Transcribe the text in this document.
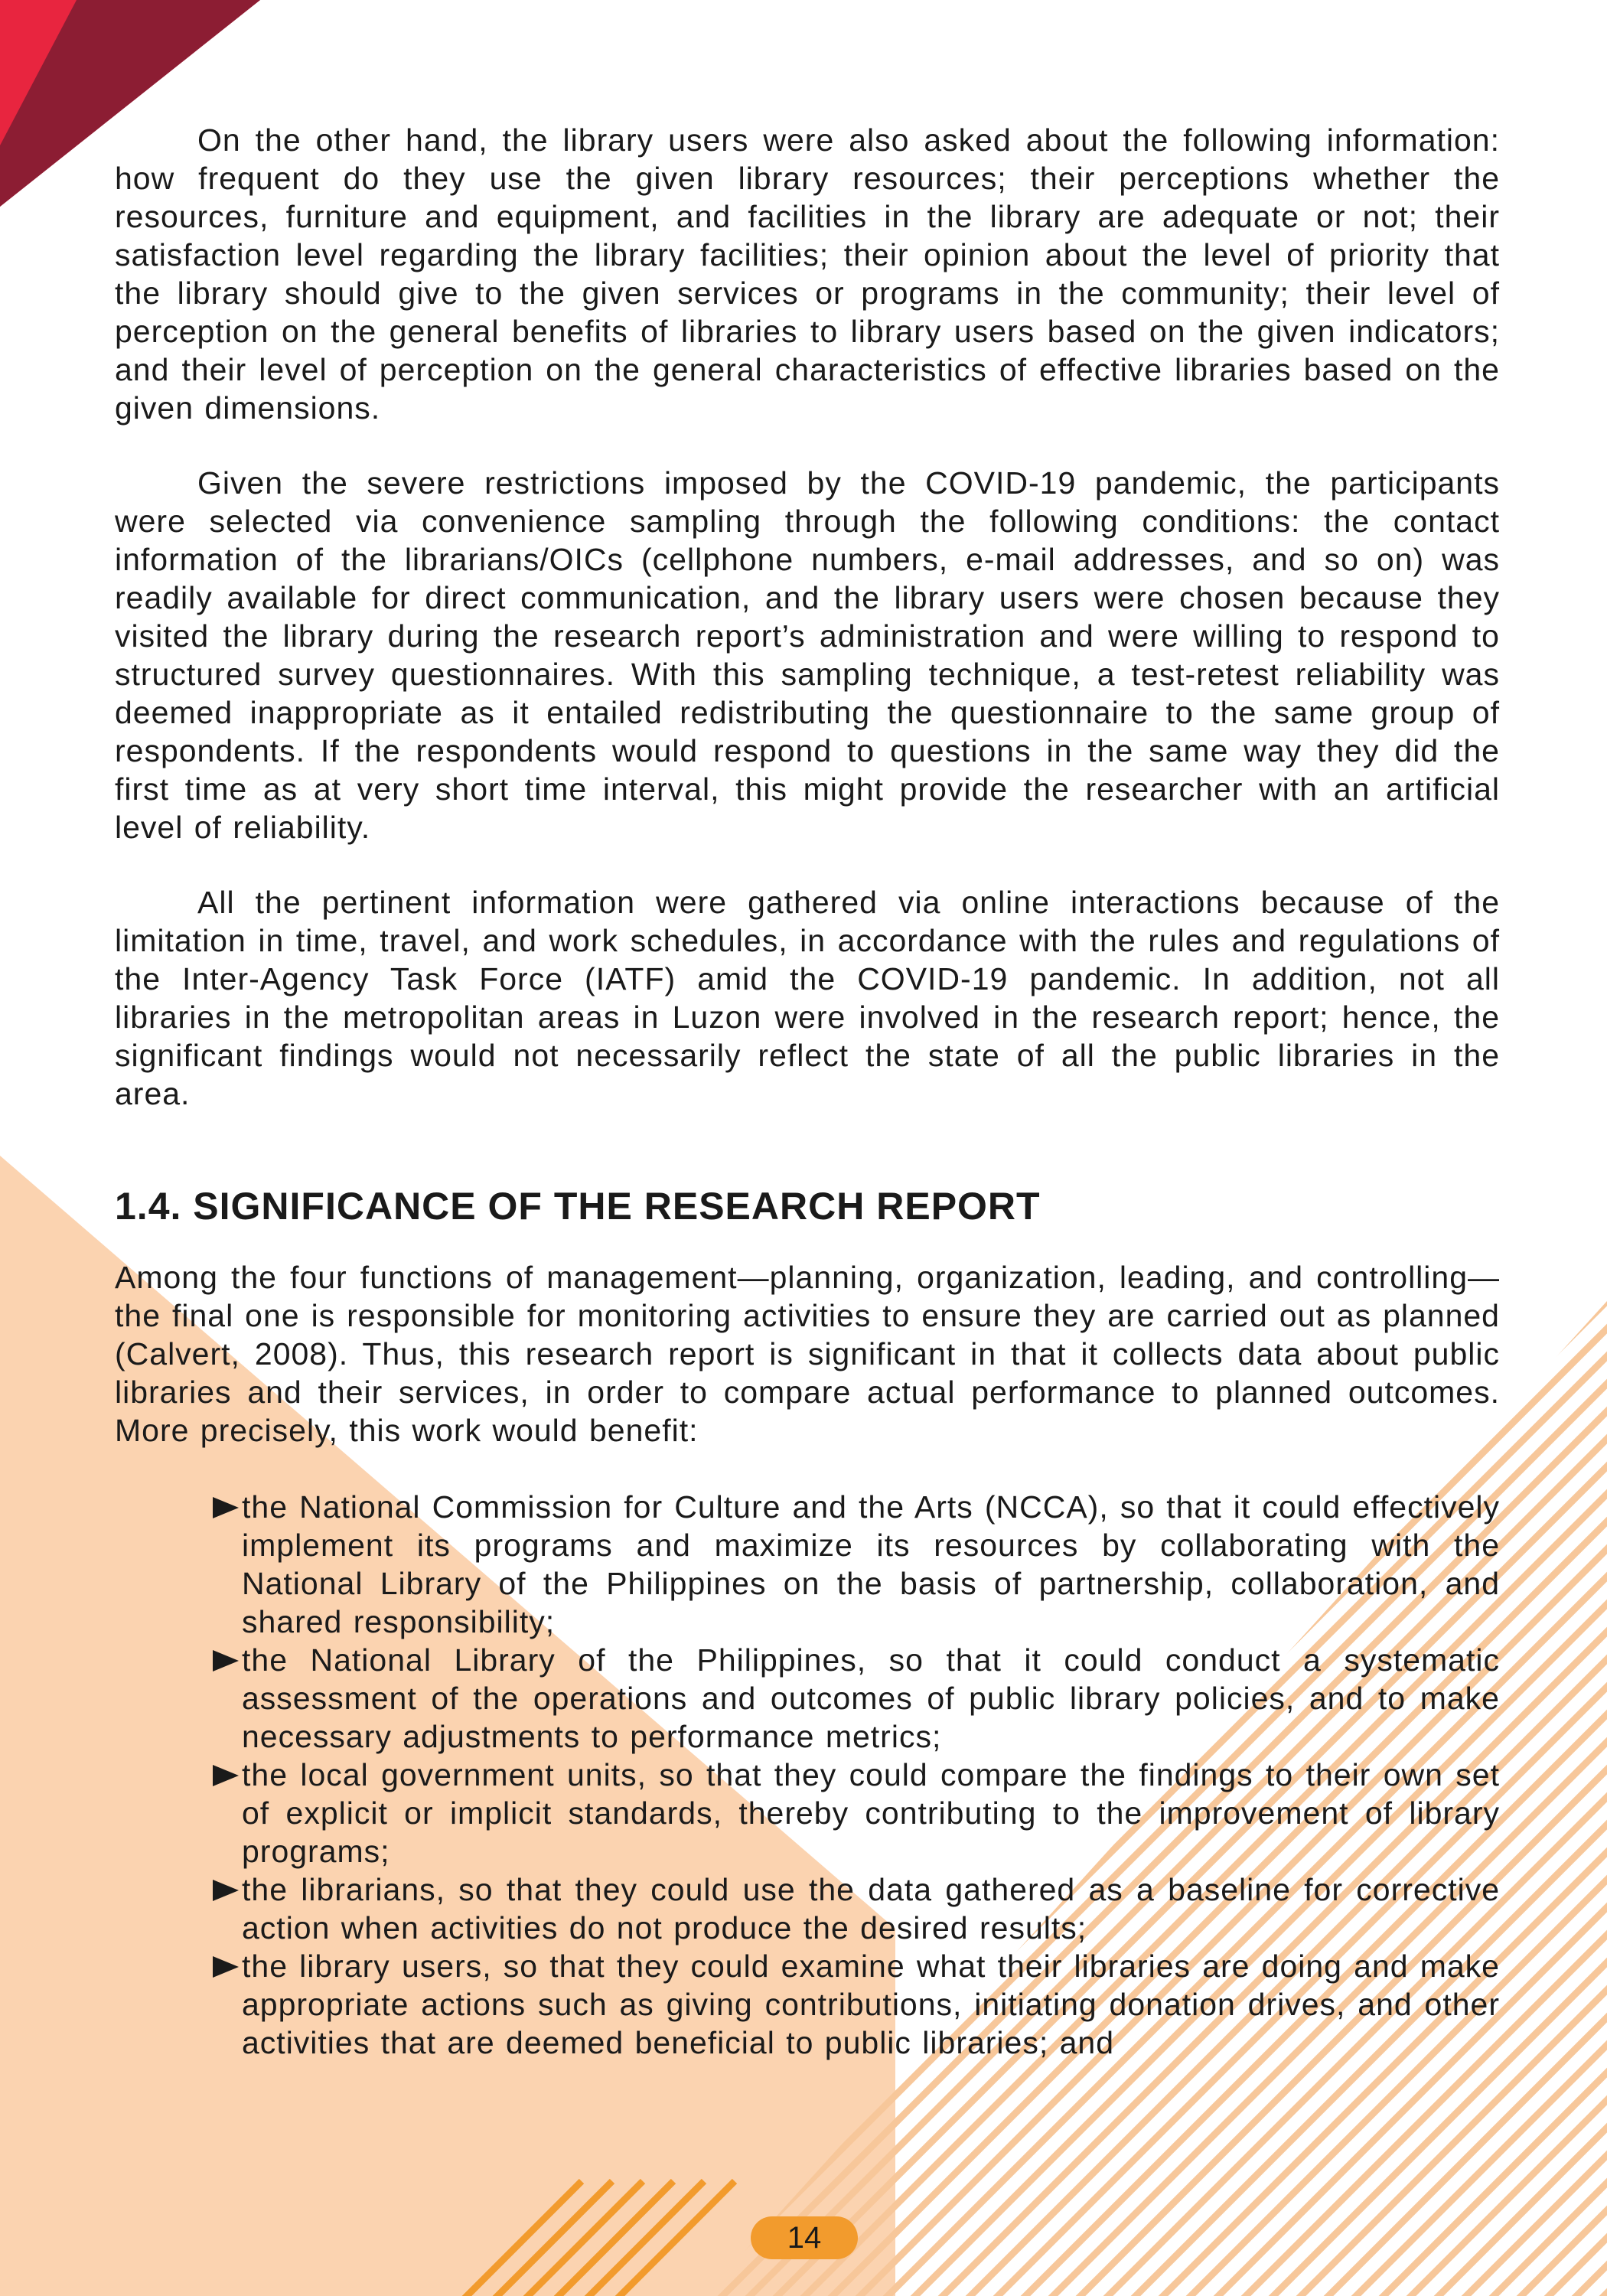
On the other hand, the library users were also asked about the following information: how frequent do they use the given library resources; their perceptions whether the resources, furniture and equipment, and facilities in the library are adequate or not; their satisfaction level regarding the library facilities; their opinion about the level of priority that the library should give to the given services or programs in the community; their level of perception on the general benefits of libraries to library users based on the given indicators; and their level of perception on the general characteristics of effective libraries based on the given dimensions.

Given the severe restrictions imposed by the COVID-19 pandemic, the participants were selected via convenience sampling through the following conditions: the contact information of the librarians/OICs (cellphone numbers, e-mail addresses, and so on) was readily available for direct communication, and the library users were chosen because they visited the library during the research report’s administration and were willing to respond to structured survey questionnaires. With this sampling technique, a test-retest reliability was deemed inappropriate as it entailed redistributing the questionnaire to the same group of respondents. If the respondents would respond to questions in the same way they did the first time as at very short time interval, this might provide the researcher with an artificial level of reliability.

All the pertinent information were gathered via online interactions because of the limitation in time, travel, and work schedules, in accordance with the rules and regulations of the Inter-Agency Task Force (IATF) amid the COVID-19 pandemic. In addition, not all libraries in the metropolitan areas in Luzon were involved in the research report; hence, the significant findings would not necessarily reflect the state of all the public libraries in the area.

1.4. SIGNIFICANCE OF THE RESEARCH REPORT

Among the four functions of management—planning, organization, leading, and controlling—the final one is responsible for monitoring activities to ensure they are carried out as planned (Calvert, 2008). Thus, this research report is significant in that it collects data about public libraries and their services, in order to compare actual performance to planned outcomes. More precisely, this work would benefit:

the National Commission for Culture and the Arts (NCCA), so that it could effectively implement its programs and maximize its resources by collaborating with the National Library of the Philippines on the basis of partnership, collaboration, and shared responsibility;
the National Library of the Philippines, so that it could conduct a systematic assessment of the operations and outcomes of public library policies, and to make necessary adjustments to performance metrics;
the local government units, so that they could compare the findings to their own set of explicit or implicit standards, thereby contributing to the improvement of library programs;
the librarians, so that they could use the data gathered as a baseline for corrective action when activities do not produce the desired results;
the library users, so that they could examine what their libraries are doing and make appropriate actions such as giving contributions, initiating donation drives, and other activities that are deemed beneficial to public libraries; and
14
